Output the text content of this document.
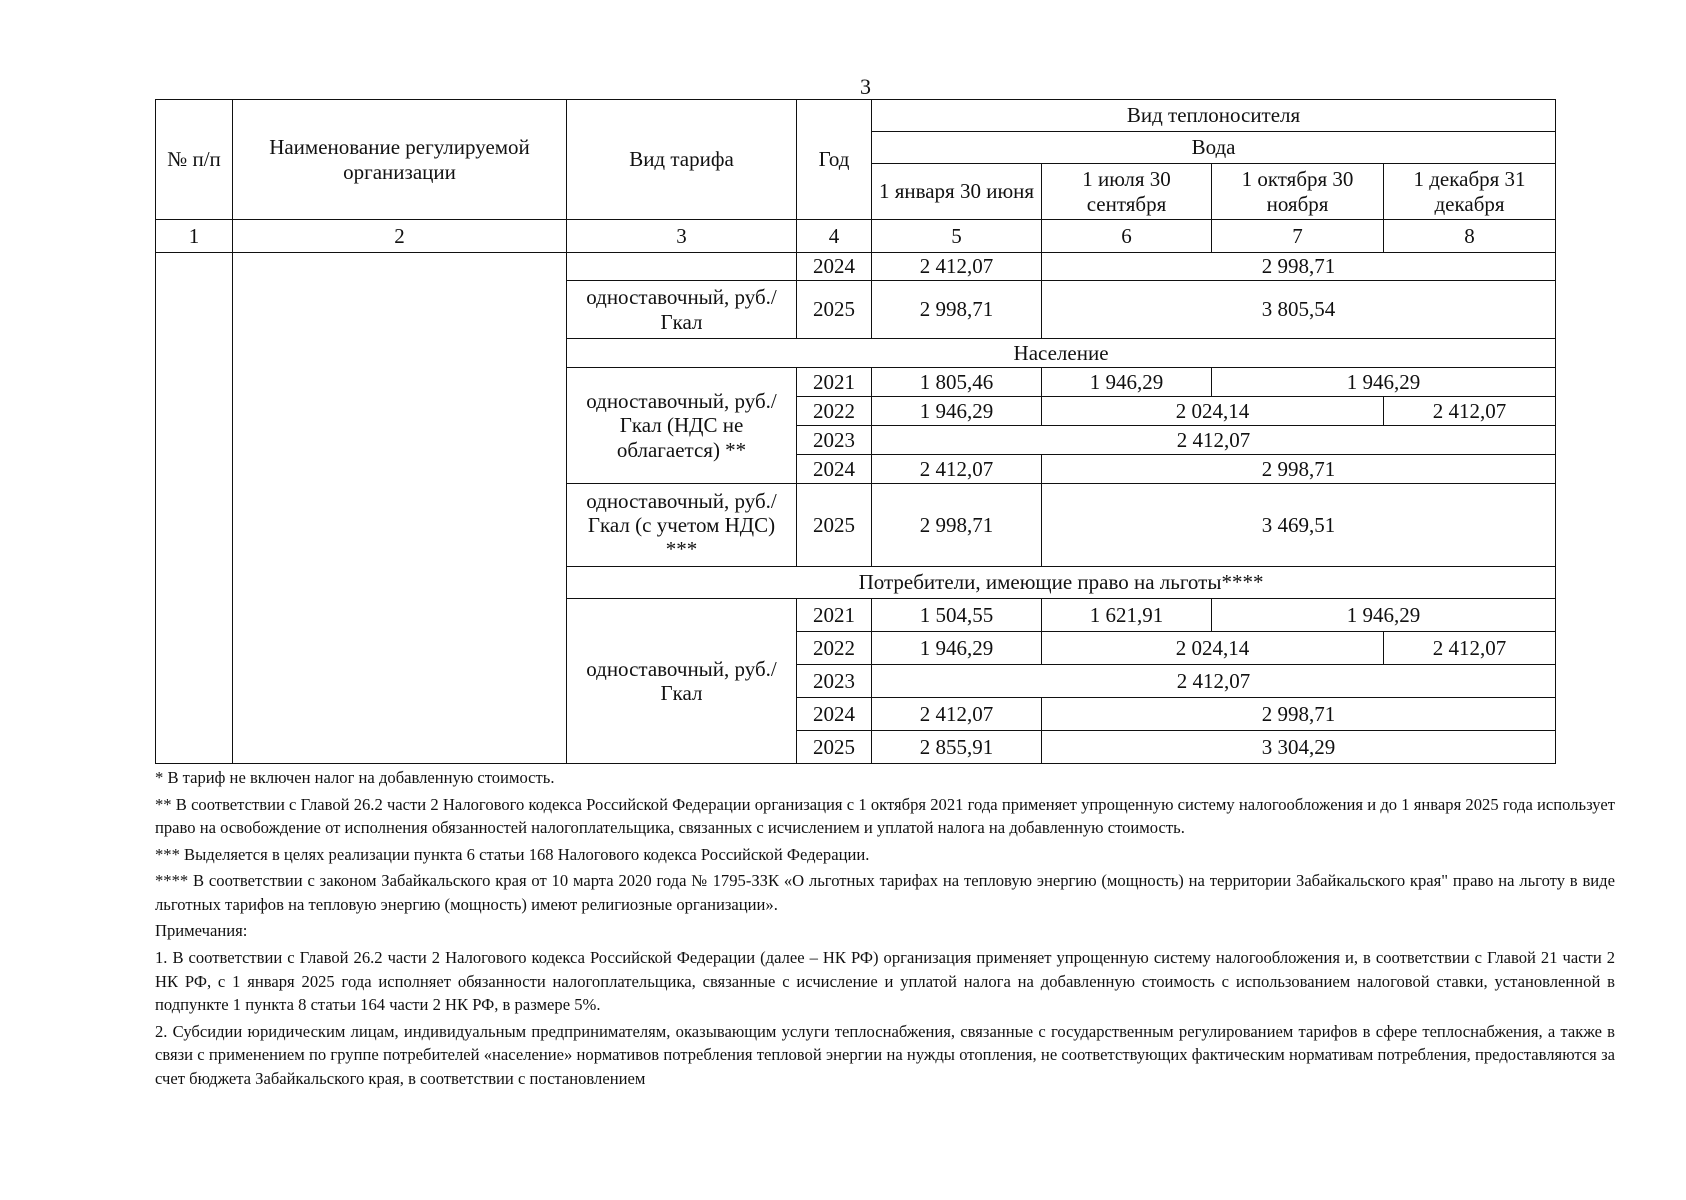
3
№ п/п	Наименование регулируемой организации	Вид тарифа	Год	Вид теплоносителя			
				Вода			
				1 января 30 июня	1 июля 30 сентября	1 октября 30 ноября	1 декабря 31 декабря
1	2	3	4	5	6	7	8
			2024	2 412,07	2 998,71		
		одноставочный, руб./Гкал	2025	2 998,71	3 805,54		
		Население					
		одноставочный, руб./Гкал (НДС не облагается) **	2021	1 805,46	1 946,29	1 946,29	
			2022	1 946,29	2 024,14		2 412,07
			2023	2 412,07			
			2024	2 412,07	2 998,71		
		одноставочный, руб./Гкал (с учетом НДС) ***	2025	2 998,71	3 469,51		
		Потребители, имеющие право на льготы****					
		одноставочный, руб./Гкал	2021	1 504,55	1 621,91	1 946,29	
			2022	1 946,29	2 024,14		2 412,07
			2023	2 412,07			
			2024	2 412,07	2 998,71		
			2025	2 855,91	3 304,29		

* В тариф не включен налог на добавленную стоимость.

** В соответствии с Главой 26.2 части 2 Налогового кодекса Российской Федерации организация с 1 октября 2021 года применяет упрощенную систему налогообложения и до 1 января 2025 года использует право на освобождение от исполнения обязанностей налогоплательщика, связанных с исчислением и уплатой налога на добавленную стоимость.

*** Выделяется в целях реализации пункта 6 статьи 168 Налогового кодекса Российской Федерации.

**** В соответствии с законом Забайкальского края от 10 марта 2020 года № 1795-ЗЗК «О льготных тарифах на тепловую энергию (мощность) на территории Забайкальского края" право на льготу в виде льготных тарифов на тепловую энергию (мощность) имеют религиозные организации».

Примечания:

1. В соответствии с Главой 26.2 части 2 Налогового кодекса Российской Федерации (далее – НК РФ) организация применяет упрощенную систему налогообложения и, в соответствии с Главой 21 части 2 НК РФ, с 1 января 2025 года исполняет обязанности налогоплательщика, связанные с исчисление и уплатой налога на добавленную стоимость с использованием налоговой ставки, установленной в подпункте 1 пункта 8 статьи 164 части 2 НК РФ, в размере 5%.

2. Субсидии юридическим лицам, индивидуальным предпринимателям, оказывающим услуги теплоснабжения, связанные с государственным регулированием тарифов в сфере теплоснабжения, а также в связи с применением по группе потребителей «население» нормативов потребления тепловой энергии на нужды отопления, не соответствующих фактическим нормативам потребления, предоставляются за счет бюджета Забайкальского края, в соответствии с постановлением
